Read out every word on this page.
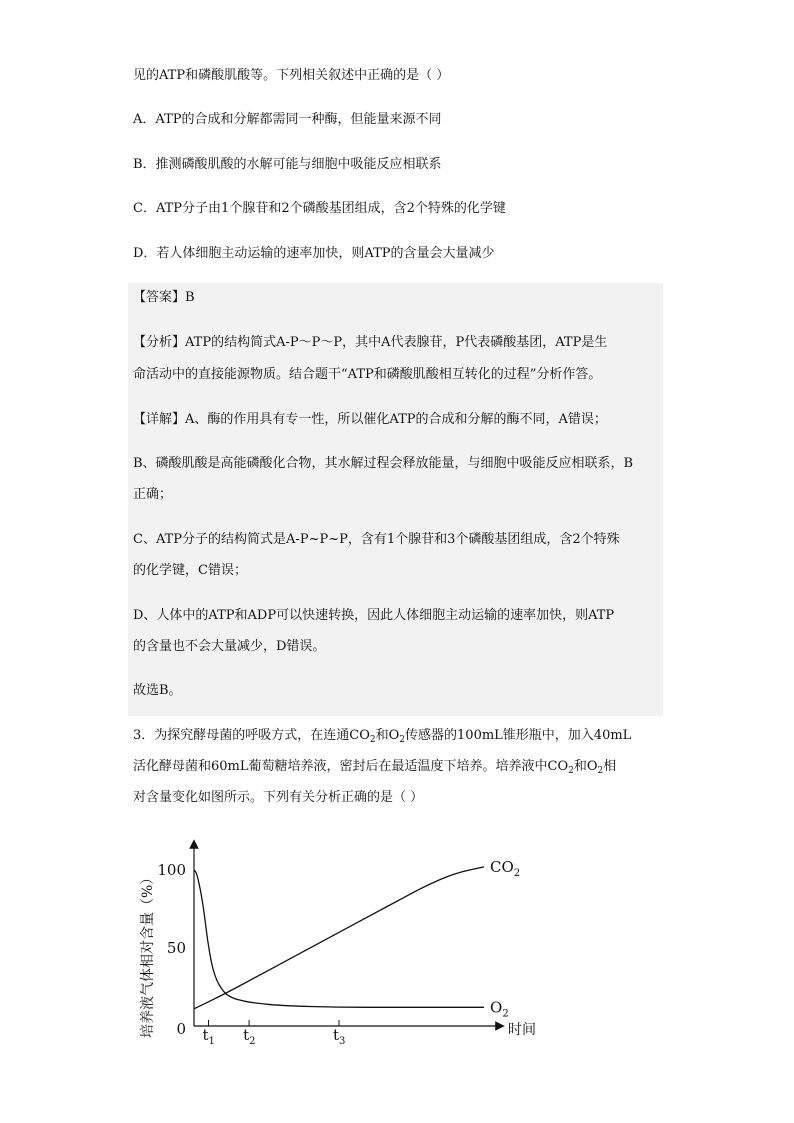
见的ATP和磷酸肌酸等。下列相关叙述中正确的是（ ）
A．ATP的合成和分解都需同一种酶，但能量来源不同
B．推测磷酸肌酸的水解可能与细胞中吸能反应相联系
C．ATP分子由1个腺苷和2个磷酸基团组成，含2个特殊的化学键
D．若人体细胞主动运输的速率加快，则ATP的含量会大量减少
【答案】B
【分析】ATP的结构简式A-P～P～P，其中A代表腺苷，P代表磷酸基团，ATP是生
命活动中的直接能源物质。结合题干“ATP和磷酸肌酸相互转化的过程”分析作答。
【详解】A、酶的作用具有专一性，所以催化ATP的合成和分解的酶不同，A错误；
B、磷酸肌酸是高能磷酸化合物，其水解过程会释放能量，与细胞中吸能反应相联系，B
正确；
C、ATP分子的结构简式是A-P~P~P，含有1个腺苷和3个磷酸基团组成，含2个特殊
的化学键，C错误；
D、人体中的ATP和ADP可以快速转换，因此人体细胞主动运输的速率加快，则ATP
的含量也不会大量减少，D错误。
故选B。
3．为探究酵母菌的呼吸方式，在连通$CO_2$和$O_2$传感器的100mL锥形瓶中，加入40mL
活化酵母菌和60mL葡萄糖培养液，密封后在最适温度下培养。培养液中$CO_2$和$O_2$相
对含量变化如图所示。下列有关分析正确的是（ ）
培养液气体相对含量（%）	时间
0
50
100
$t_1$ $t_2$	$t_3$
$CO_2$
$O_2$
